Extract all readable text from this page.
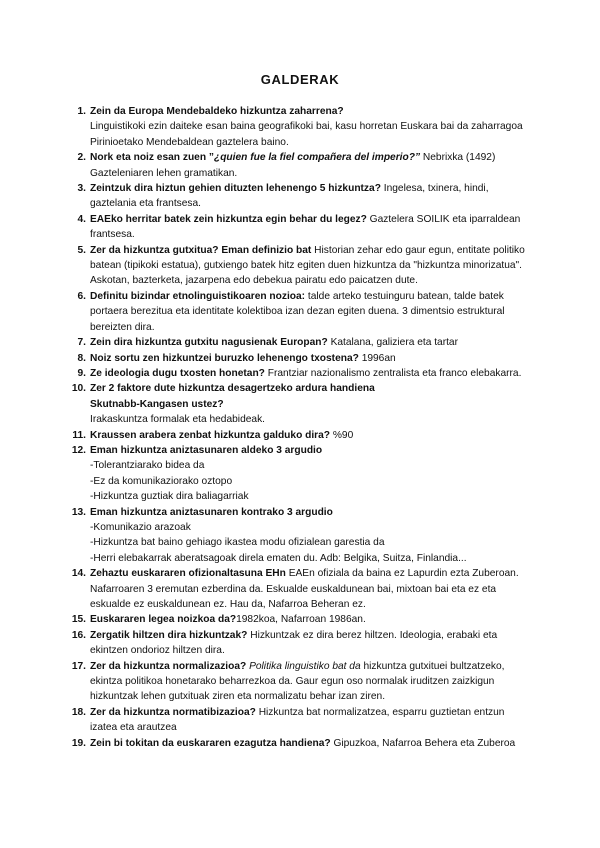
GALDERAK
1. Zein da Europa Mendebaldeko hizkuntza zaharrena?
Linguistikoki ezin daiteke esan baina geografikoki bai, kasu horretan Euskara bai da zaharragoa Pirinioetako Mendebaldean gaztelera baino.
2. Nork eta noiz esan zuen ”¿quien fue la fiel compañera del imperio?” Nebrixka (1492) Gazteleniaren lehen gramatikan.
3. Zeintzuk dira hiztun gehien dituzten lehenengo 5 hizkuntza? Ingelesa, txinera, hindi, gaztelania eta frantsesa.
4. EAEko herritar batek zein hizkuntza egin behar du legez? Gaztelera SOILIK eta iparraldean frantsesa.
5. Zer da hizkuntza gutxitua? Eman definizio bat Historian zehar edo gaur egun, entitate politiko batean (tipikoki estatua), gutxiengo batek hitz egiten duen hizkuntza da "hizkuntza minorizatua". Askotan, bazterketa, jazarpena edo debekua pairatu edo paicatzen dute.
6. Definitu bizindar etnolinguistikoaren nozioa: talde arteko testuinguru batean, talde batek portaera berezitua eta identitate kolektiboa izan dezan egiten duena. 3 dimentsio estruktural bereizten dira.
7. Zein dira hizkuntza gutxitu nagusienak Europan? Katalana, galiziera eta tartar
8. Noiz sortu zen hizkuntzei buruzko lehenengo txostena? 1996an
9. Ze ideologia dugu txosten honetan? Frantziar nazionalismo zentralista eta franco elebakarra.
10. Zer 2 faktore dute hizkuntza desagertzeko ardura handiena
Skutnabb-Kangasen ustez?
Irakaskuntza formalak eta hedabideak.
11. Kraussen arabera zenbat hizkuntza galduko dira? %90
12. Eman hizkuntza aniztasunaren aldeko 3 argudio
-Tolerantziarako bidea da
-Ez da komunikaziorako oztopo
-Hizkuntza guztiak dira baliagarriak
13. Eman hizkuntza aniztasunaren kontrako 3 argudio
-Komunikazio arazoak
-Hizkuntza bat baino gehiago ikastea modu ofizialean garestia da
-Herri elebakarrak aberatsagoak direla ematen du. Adb: Belgika, Suitza, Finlandia...
14. Zehaztu euskararen ofizionaltasuna EHn EAEn ofiziala da baina ez Lapurdin ezta Zuberoan. Nafarroaren 3 eremutan ezberdina da. Eskualde euskaldunean bai, mixtoan bai eta ez eta eskualde ez euskaldunean ez. Hau da, Nafarroa Beheran ez.
15. Euskararen legea noizkoa da?1982koa, Nafarroan 1986an.
16. Zergatik hiltzen dira hizkuntzak? Hizkuntzak ez dira berez hiltzen. Ideologia, erabaki eta ekintzen ondorioz hiltzen dira.
17. Zer da hizkuntza normalizazioa? Politika linguistiko bat da hizkuntza gutxituei bultzatzeko, ekintza politikoa honetarako beharrezkoa da. Gaur egun oso normalak iruditzen zaizkigun hizkuntzak lehen gutxituak ziren eta normalizatu behar izan ziren.
18. Zer da hizkuntza normatibizazioa? Hizkuntza bat normalizatzea, esparru guztietan entzun izatea eta arautzea
19. Zein bi tokitan da euskararen ezagutza handiena? Gipuzkoa, Nafarroa Behera eta Zuberoa
